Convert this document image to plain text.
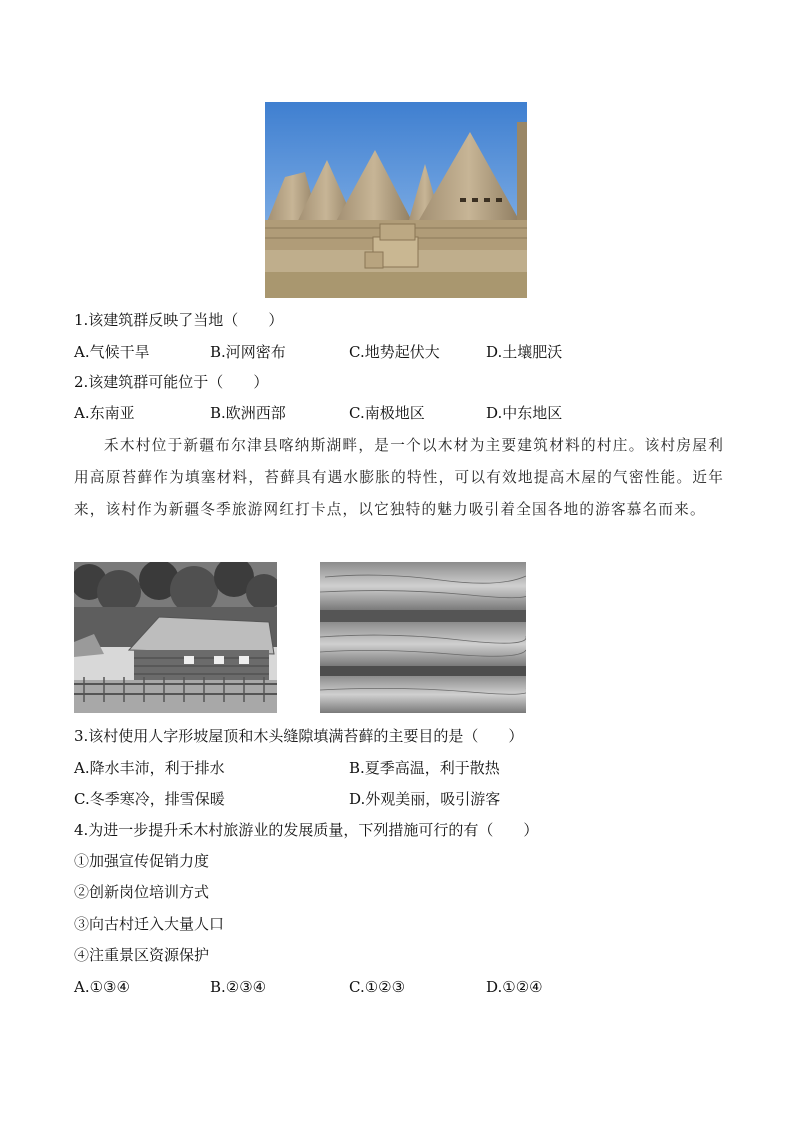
1.该建筑群反映了当地（　　）
A.气候干旱	B.河网密布	C.地势起伏大	D.土壤肥沃
2.该建筑群可能位于（　　）
A.东南亚	B.欧洲西部	C.南极地区	D.中东地区
禾木村位于新疆布尔津县喀纳斯湖畔，是一个以木材为主要建筑材料的村庄。该村房屋利用高原苔藓作为填塞材料，苔藓具有遇水膨胀的特性，可以有效地提高木屋的气密性能。近年来，该村作为新疆冬季旅游网红打卡点，以它独特的魅力吸引着全国各地的游客慕名而来。
3.该村使用人字形坡屋顶和木头缝隙填满苔藓的主要目的是（　　）
A.降水丰沛，利于排水	B.夏季高温，利于散热
C.冬季寒冷，排雪保暖	D.外观美丽，吸引游客
4.为进一步提升禾木村旅游业的发展质量，下列措施可行的有（　　）
①加强宣传促销力度
②创新岗位培训方式
③向古村迁入大量人口
④注重景区资源保护
A.①③④	B.②③④	C.①②③	D.①②④
